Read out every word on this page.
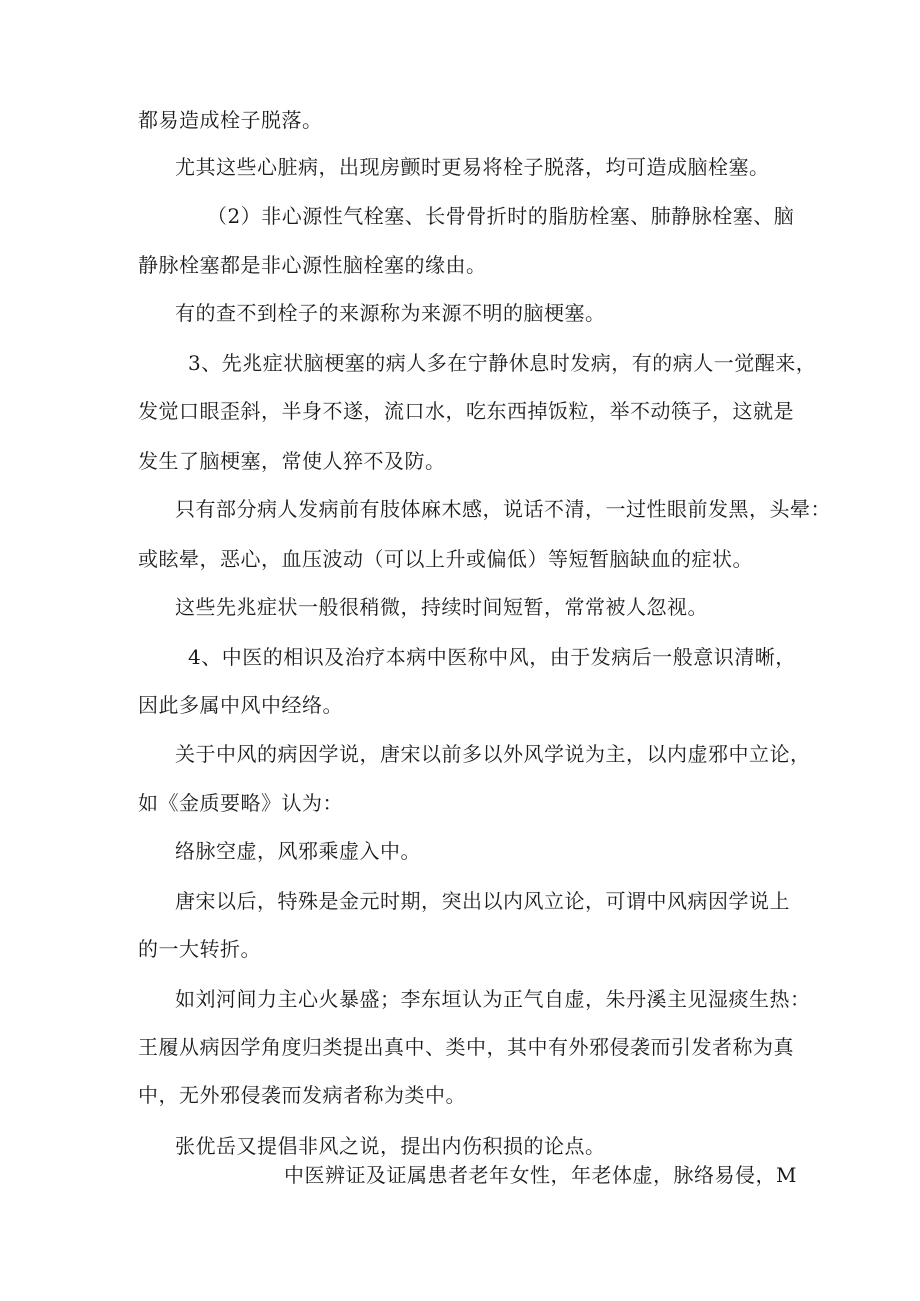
都易造成栓子脱落。
尤其这些心脏病，出现房颤时更易将栓子脱落，均可造成脑栓塞。
（2）非心源性气栓塞、长骨骨折时的脂肪栓塞、肺静脉栓塞、脑
静脉栓塞都是非心源性脑栓塞的缘由。
有的查不到栓子的来源称为来源不明的脑梗塞。
3、先兆症状脑梗塞的病人多在宁静休息时发病，有的病人一觉醒来，
发觉口眼歪斜，半身不遂，流口水，吃东西掉饭粒，举不动筷子，这就是
发生了脑梗塞，常使人猝不及防。
只有部分病人发病前有肢体麻木感，说话不清，一过性眼前发黑，头晕：
或眩晕，恶心，血压波动（可以上升或偏低）等短暂脑缺血的症状。
这些先兆症状一般很稍微，持续时间短暂，常常被人忽视。
4、中医的相识及治疗本病中医称中风，由于发病后一般意识清晰，
因此多属中风中经络。
关于中风的病因学说，唐宋以前多以外风学说为主，以内虚邪中立论，
如《金质要略》认为：
络脉空虚，风邪乘虚入中。
唐宋以后，特殊是金元时期，突出以内风立论，可谓中风病因学说上
的一大转折。
如刘河间力主心火暴盛；李东垣认为正气自虚，朱丹溪主见湿痰生热：
王履从病因学角度归类提出真中、类中，其中有外邪侵袭而引发者称为真
中，无外邪侵袭而发病者称为类中。
张优岳又提倡非风之说，提出内伤积损的论点。
中医辨证及证属患者老年女性，年老体虚，脉络易侵，M
